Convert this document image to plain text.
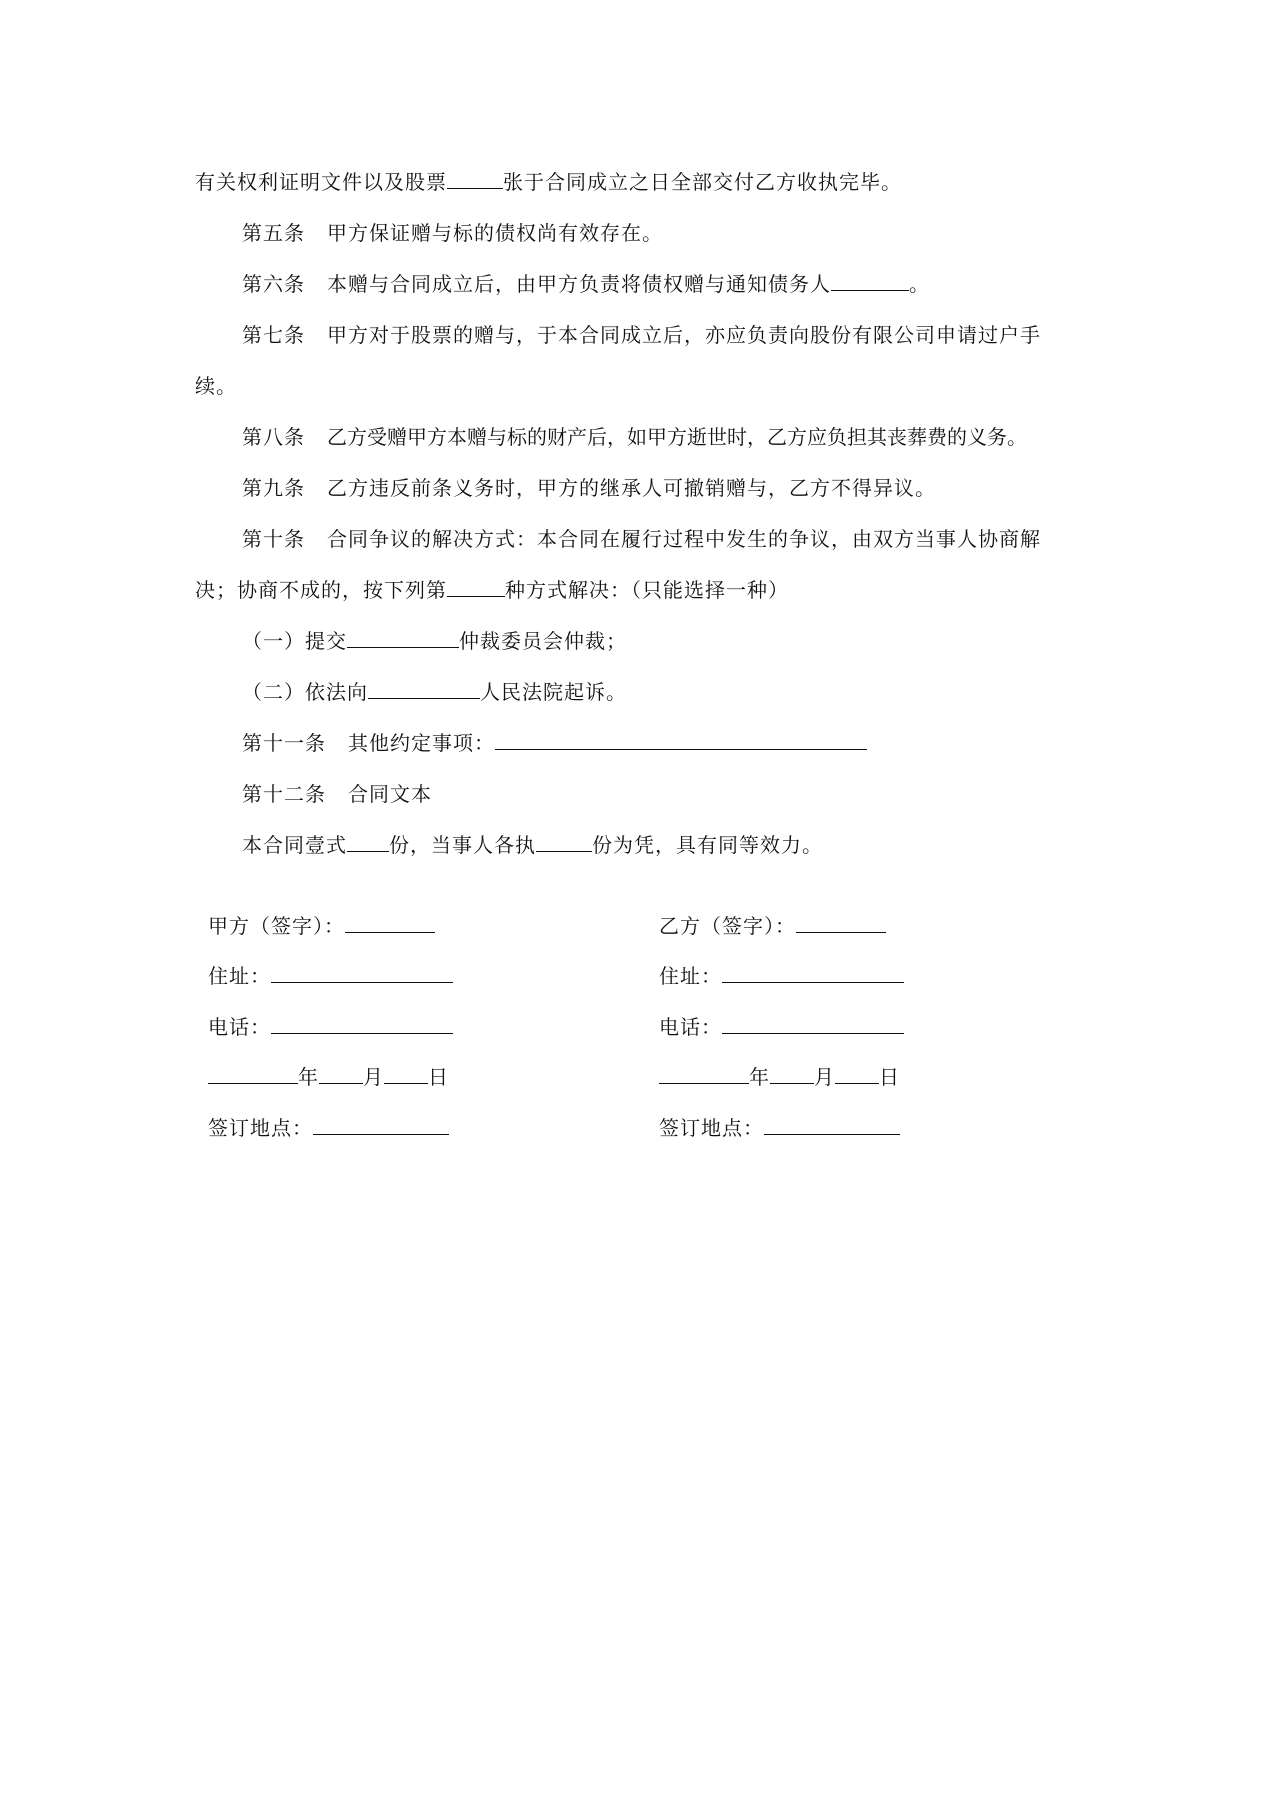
有关权利证明文件以及股票	张于合同成立之日全部交付乙方收执完毕。
第五条 甲方保证赠与标的债权尚有效存在。
第六条 本赠与合同成立后，由甲方负责将债权赠与通知债务人	。
第七条 甲方对于股票的赠与，于本合同成立后，亦应负责向股份有限公司申请过户手
续。
第八条 乙方受赠甲方本赠与标的财产后，如甲方逝世时，乙方应负担其丧葬费的义务。
第九条 乙方违反前条义务时，甲方的继承人可撤销赠与，乙方不得异议。
第十条 合同争议的解决方式：本合同在履行过程中发生的争议，由双方当事人协商解
决；协商不成的，按下列第	种方式解决：（只能选择一种）
（一）提交	仲裁委员会仲裁；
（二）依法向	人民法院起诉。
第十一条 其他约定事项：
第十二条 合同文本
本合同壹式 份，当事人各执	份为凭，具有同等效力。
甲方（签字）：
住址：
电话：
年 月 日
签订地点：
乙方（签字）：
住址：
电话：
年 月 日
签订地点：
